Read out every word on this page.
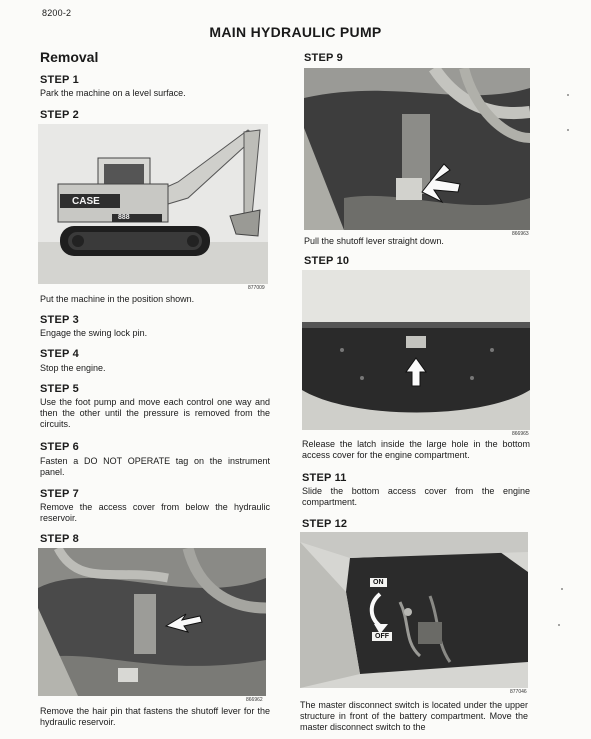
8200-2
MAIN HYDRAULIC PUMP
Removal
STEP 1
Park the machine on a level surface.
STEP 2
CASE
888
877009
Put the machine in the position shown.
STEP 3
Engage the swing lock pin.
STEP 4
Stop the engine.
STEP 5
Use the foot pump and move each control one way and then the other until the pressure is removed from the circuits.
STEP 6
Fasten a DO NOT OPERATE tag on the instrument panel.
STEP 7
Remove the access cover from below the hydraulic reservoir.
STEP 8
866962
Remove the hair pin that fastens the shutoff lever for the hydraulic reservoir.
STEP 9
866963
Pull the shutoff lever straight down.
STEP 10
866965
Release the latch inside the large hole in the bottom access cover for the engine compartment.
STEP 11
Slide the bottom access cover from the engine compartment.
STEP 12
ON
OFF
877046
The master disconnect switch is located under the upper structure in front of the battery compartment. Move the master disconnect switch to the
